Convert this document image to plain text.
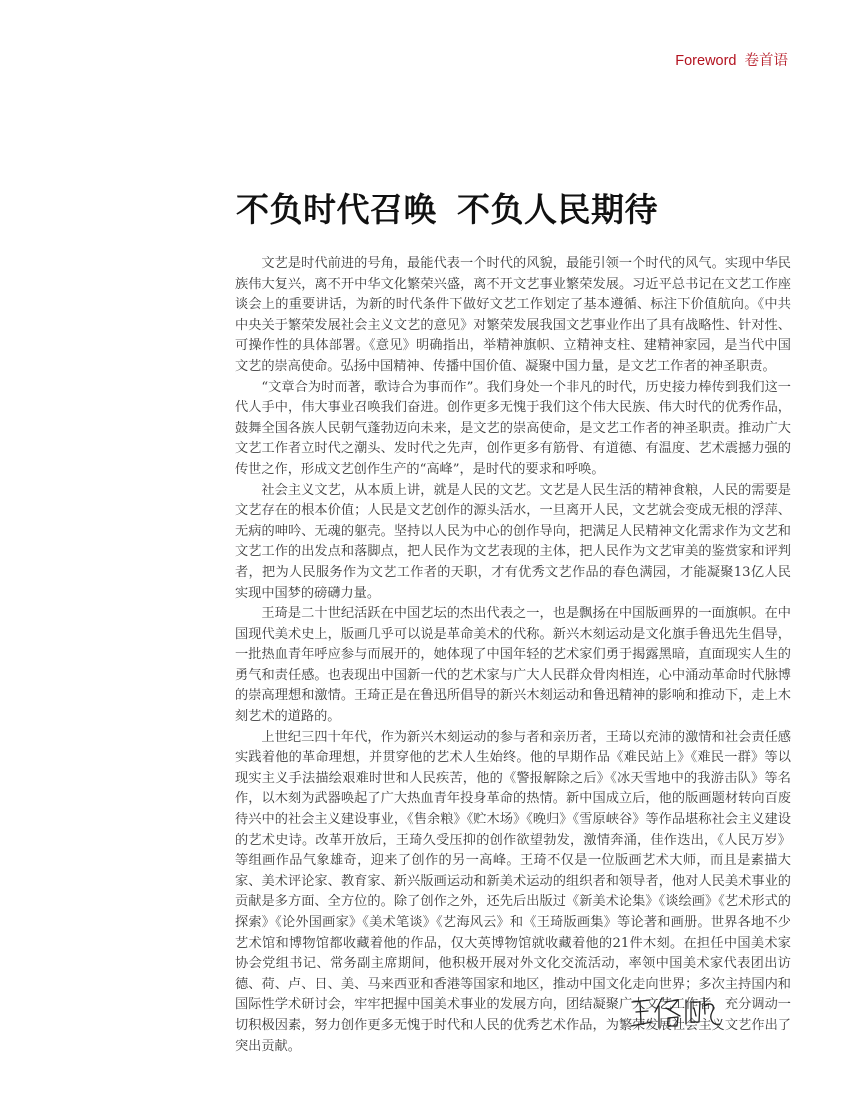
Foreword 卷首语
不负时代召唤 不负人民期待

文艺是时代前进的号角，最能代表一个时代的风貌，最能引领一个时代的风气。实现中华民族伟大复兴，离不开中华文化繁荣兴盛，离不开文艺事业繁荣发展。习近平总书记在文艺工作座谈会上的重要讲话，为新的时代条件下做好文艺工作划定了基本遵循、标注下价值航向。《中共中央关于繁荣发展社会主义文艺的意见》对繁荣发展我国文艺事业作出了具有战略性、针对性、可操作性的具体部署。《意见》明确指出，举精神旗帜、立精神支柱、建精神家园，是当代中国文艺的崇高使命。弘扬中国精神、传播中国价值、凝聚中国力量，是文艺工作者的神圣职责。

“文章合为时而著，歌诗合为事而作”。我们身处一个非凡的时代，历史接力棒传到我们这一代人手中，伟大事业召唤我们奋进。创作更多无愧于我们这个伟大民族、伟大时代的优秀作品，鼓舞全国各族人民朝气蓬勃迈向未来，是文艺的崇高使命，是文艺工作者的神圣职责。推动广大文艺工作者立时代之潮头、发时代之先声，创作更多有筋骨、有道德、有温度、艺术震撼力强的传世之作，形成文艺创作生产的“高峰”，是时代的要求和呼唤。

社会主义文艺，从本质上讲，就是人民的文艺。文艺是人民生活的精神食粮，人民的需要是文艺存在的根本价值；人民是文艺创作的源头活水，一旦离开人民，文艺就会变成无根的浮萍、无病的呻吟、无魂的躯壳。坚持以人民为中心的创作导向，把满足人民精神文化需求作为文艺和文艺工作的出发点和落脚点，把人民作为文艺表现的主体，把人民作为文艺审美的鉴赏家和评判者，把为人民服务作为文艺工作者的天职，才有优秀文艺作品的春色满园，才能凝聚13亿人民实现中国梦的磅礴力量。

王琦是二十世纪活跃在中国艺坛的杰出代表之一，也是飘扬在中国版画界的一面旗帜。在中国现代美术史上，版画几乎可以说是革命美术的代称。新兴木刻运动是文化旗手鲁迅先生倡导，一批热血青年呼应参与而展开的，她体现了中国年轻的艺术家们勇于揭露黑暗，直面现实人生的勇气和责任感。也表现出中国新一代的艺术家与广大人民群众骨肉相连，心中涌动革命时代脉博的崇高理想和激情。王琦正是在鲁迅所倡导的新兴木刻运动和鲁迅精神的影响和推动下，走上木刻艺术的道路的。

上世纪三四十年代，作为新兴木刻运动的参与者和亲历者，王琦以充沛的激情和社会责任感实践着他的革命理想，并贯穿他的艺术人生始终。他的早期作品《难民站上》《难民一群》等以现实主义手法描绘艰难时世和人民疾苦，他的《警报解除之后》《冰天雪地中的我游击队》等名作，以木刻为武器唤起了广大热血青年投身革命的热情。新中国成立后，他的版画题材转向百废待兴中的社会主义建设事业，《售余粮》《贮木场》《晚归》《雪原峡谷》等作品堪称社会主义建设的艺术史诗。改革开放后，王琦久受压抑的创作欲望勃发，激情奔涌，佳作迭出，《人民万岁》等组画作品气象雄奇，迎来了创作的另一高峰。王琦不仅是一位版画艺术大师，而且是素描大家、美术评论家、教育家、新兴版画运动和新美术运动的组织者和领导者，他对人民美术事业的贡献是多方面、全方位的。除了创作之外，还先后出版过《新美术论集》《谈绘画》《艺术形式的探索》《论外国画家》《美术笔谈》《艺海风云》和《王琦版画集》等论著和画册。世界各地不少艺术馆和博物馆都收藏着他的作品，仅大英博物馆就收藏着他的21件木刻。在担任中国美术家协会党组书记、常务副主席期间，他积极开展对外文化交流活动，率领中国美术家代表团出访德、荷、卢、日、美、马来西亚和香港等国家和地区，推动中国文化走向世界；多次主持国内和国际性学术研讨会，牢牢把握中国美术事业的发展方向，团结凝聚广大文艺工作者，充分调动一切积极因素，努力创作更多无愧于时代和人民的优秀艺术作品，为繁荣发展社会主义文艺作出了突出贡献。
